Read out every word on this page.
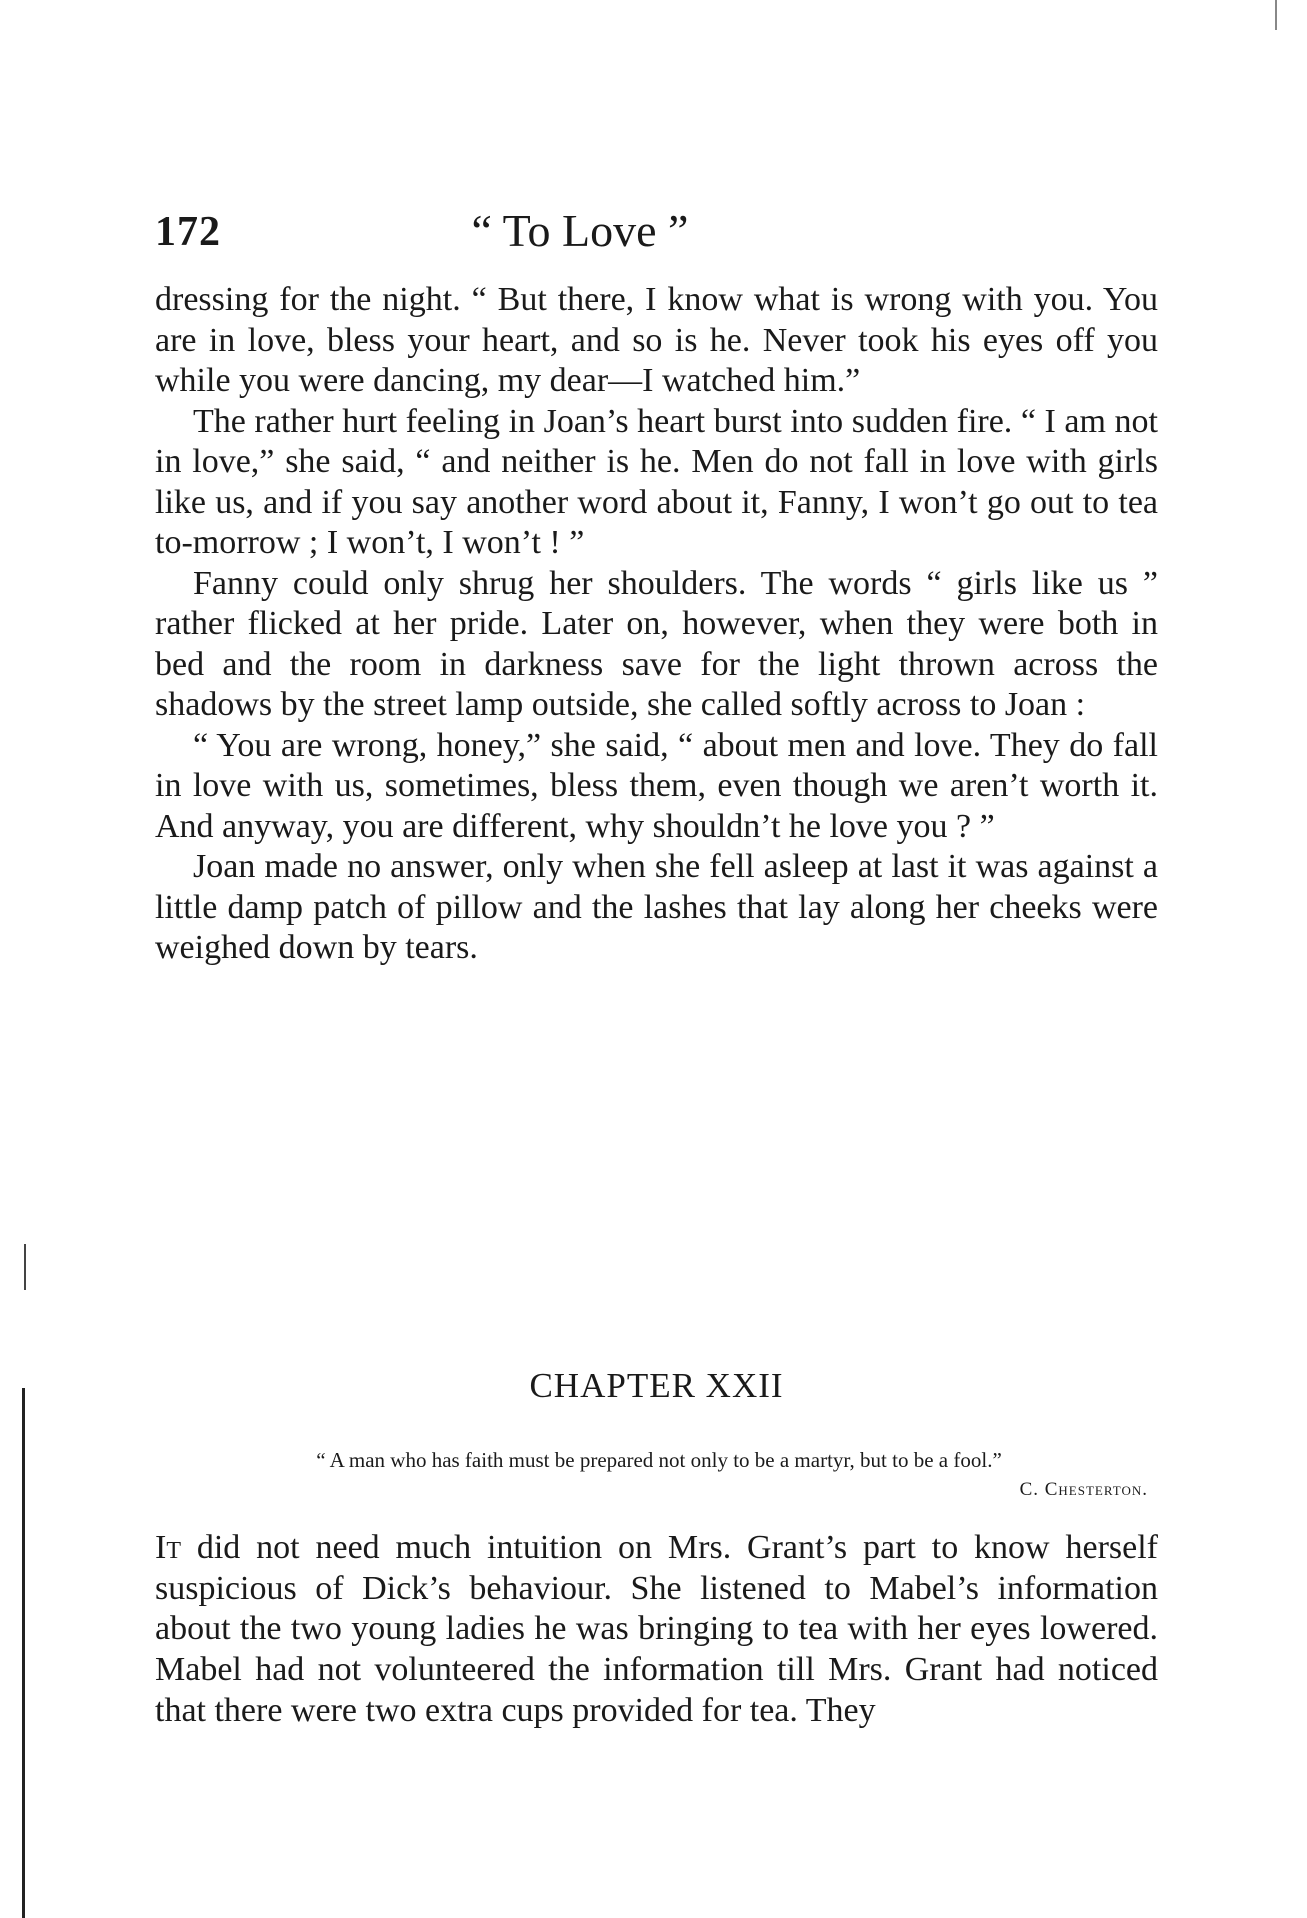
172	“ To Love ”

dressing for the night. “ But there, I know what is wrong with you. You are in love, bless your heart, and so is he. Never took his eyes off you while you were dancing, my dear—I watched him.”

The rather hurt feeling in Joan’s heart burst into sudden fire. “ I am not in love,” she said, “ and neither is he. Men do not fall in love with girls like us, and if you say another word about it, Fanny, I won’t go out to tea to-morrow ; I won’t, I won’t ! ”

Fanny could only shrug her shoulders. The words “ girls like us ” rather flicked at her pride. Later on, however, when they were both in bed and the room in darkness save for the light thrown across the shadows by the street lamp outside, she called softly across to Joan :

“ You are wrong, honey,” she said, “ about men and love. They do fall in love with us, sometimes, bless them, even though we aren’t worth it. And anyway, you are different, why shouldn’t he love you ? ”

Joan made no answer, only when she fell asleep at last it was against a little damp patch of pillow and the lashes that lay along her cheeks were weighed down by tears.

CHAPTER XXII
“ A man who has faith must be prepared not only to be a martyr, but to be a fool.”
C. Chesterton.

It did not need much intuition on Mrs. Grant’s part to know herself suspicious of Dick’s behaviour. She listened to Mabel’s information about the two young ladies he was bringing to tea with her eyes lowered. Mabel had not volunteered the information till Mrs. Grant had noticed that there were two extra cups provided for tea. They
